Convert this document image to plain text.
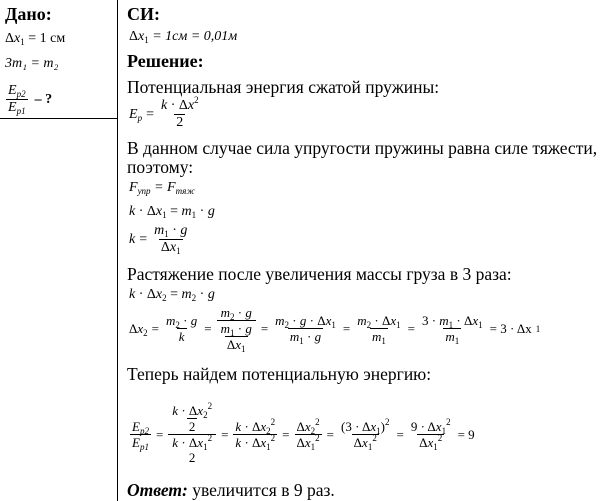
Дано:
$\Delta x_1 = 1$ см
3m₁ = m₂
$\frac{E_{p2}}{E_{p1}}$ – ?
СИ:
$\Delta x_1 = 1см = 0,01м$
Решение:
Потенциальная энергия сжатой пружины:
$E_p = \frac{k \cdot \Delta x^2}{2}$
В данном случае сила упругости пружины равна силе тяжести,
поэтому:
$F_{упр} = F_{тяж}$
$k \cdot \Delta x_1 = m_1 \cdot g$
$k = \frac{m_1 \cdot g}{\Delta x_1}$
Растяжение после увеличения массы груза в 3 раза:
$k \cdot \Delta x_2 = m_2 \cdot g$
$\Delta x_2 = \frac{m_2 \cdot g}{k} = \frac{m_2 \cdot g}{\frac{m_1 \cdot g}{\Delta x_1}} = \frac{m_2 \cdot g \cdot \Delta x_1}{m_1 \cdot g} = \frac{m_2 \cdot \Delta x_1}{m_1} = \frac{3 \cdot m_1 \cdot \Delta x_1}{m_1} = 3 \cdot \Delta x$ 1
Теперь найдем потенциальную энергию:
$\frac{E_{p2}}{E_{p1}} = \frac{k \cdot \Delta x_2^2}{2}$
$k \cdot \Delta x_1^2$
$2 = \frac{k \cdot \Delta x_2^2}{k \cdot \Delta x_1^2} = \frac{\Delta x_2^2}{\Delta x_1^2} = \frac{(3 \cdot \Delta x_1)^2}{\Delta x_1^2} = \frac{9 \cdot \Delta x_1^2}{\Delta x_1^2} = 9$
Ответ: увеличится в 9 раз.
